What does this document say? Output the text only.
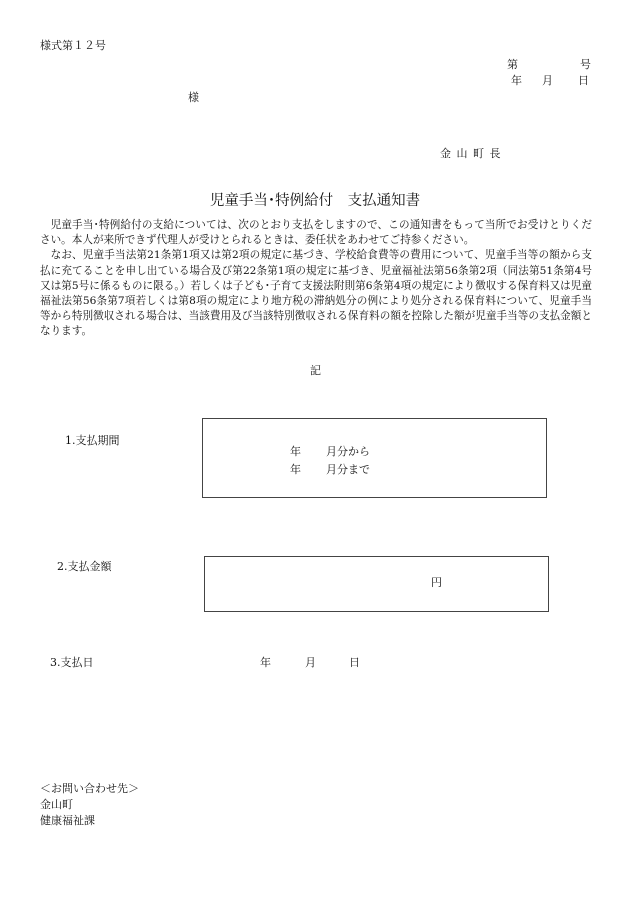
様式第１２号
第	号
年 月 日
様
金 山 町 長
児童手当･特例給付　支払通知書

児童手当･特例給付の支給については、次のとおり支払をしますので、この通知書をもって当所でお受けとりください。本人が来所できず代理人が受けとられるときは、委任状をあわせてご持参ください。

なお、児童手当法第21条第1項又は第2項の規定に基づき、学校給食費等の費用について、児童手当等の額から支払に充てることを申し出ている場合及び第22条第1項の規定に基づき、児童福祉法第56条第2項（同法第51条第4号又は第5号に係るものに限る。）若しくは子ども･子育て支援法附則第6条第4項の規定により徴収する保育料又は児童福祉法第56条第7項若しくは第8項の規定により地方税の滞納処分の例により処分される保育料について、児童手当等から特別徴収される場合は、当該費用及び当該特別徴収される保育料の額を控除した額が児童手当等の支払金額となります。

記
1.支払期間
年 月分から
年 月分まで
2.支払金額
円
3.支払日	年	月	日
＜お問い合わせ先＞
金山町
健康福祉課
